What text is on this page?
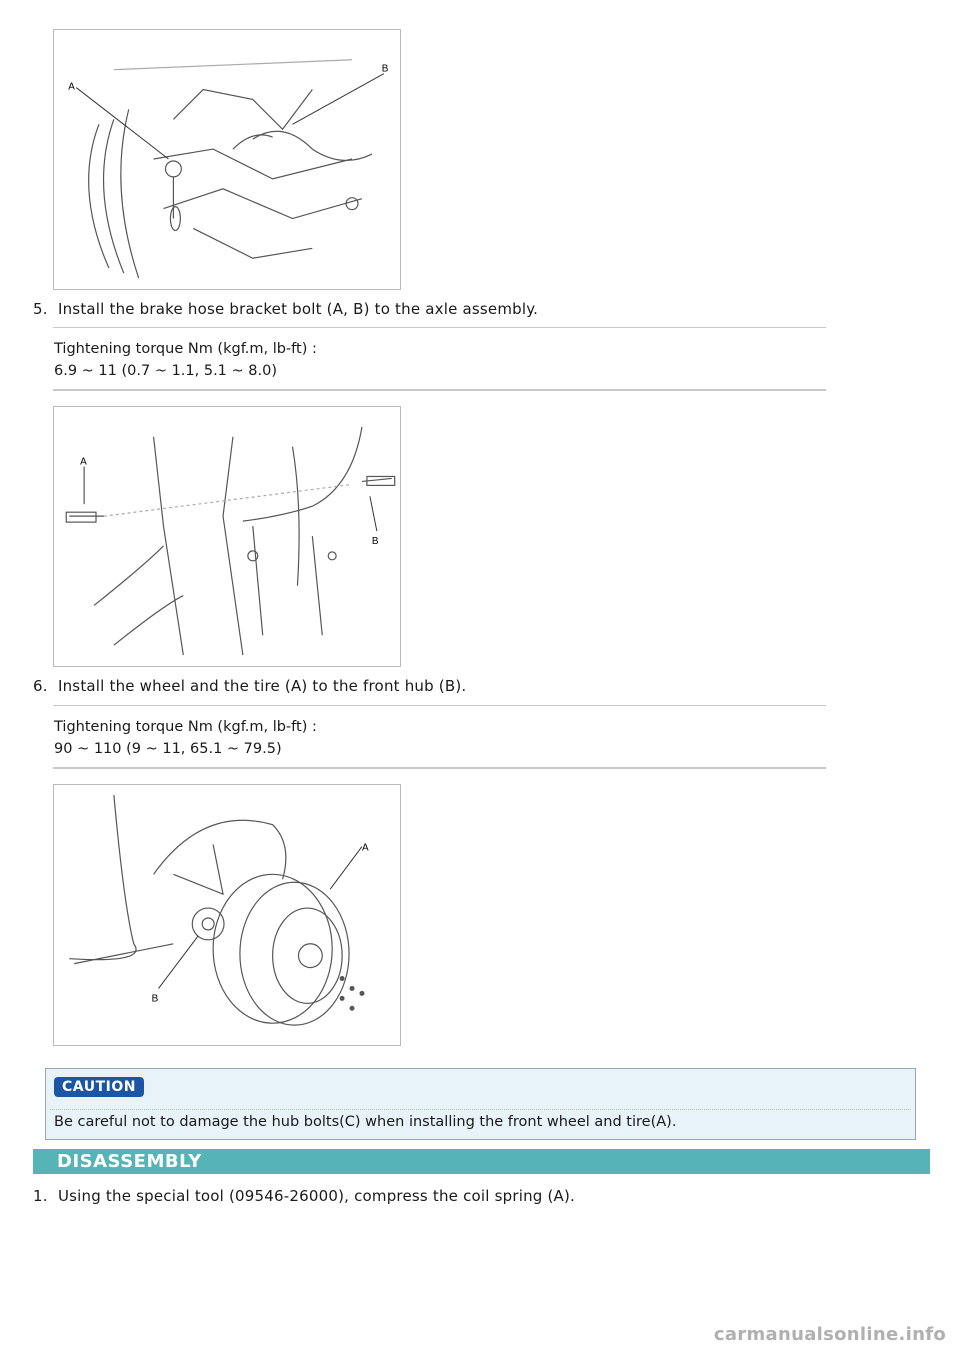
A
B
5. Install the brake hose bracket bolt (A, B) to the axle assembly.
Tightening torque Nm (kgf.m, lb-ft) :
6.9 ~ 11 (0.7 ~ 1.1, 5.1 ~ 8.0)
A
B
6. Install the wheel and the tire (A) to the front hub (B).
Tightening torque Nm (kgf.m, lb-ft) :
90 ~ 110 (9 ~ 11, 65.1 ~ 79.5)
A
B
CAUTION
Be careful not to damage the hub bolts(C) when installing the front wheel and tire(A).
DISASSEMBLY
1. Using the special tool (09546-26000), compress the coil spring (A).
carmanualsonline.info
